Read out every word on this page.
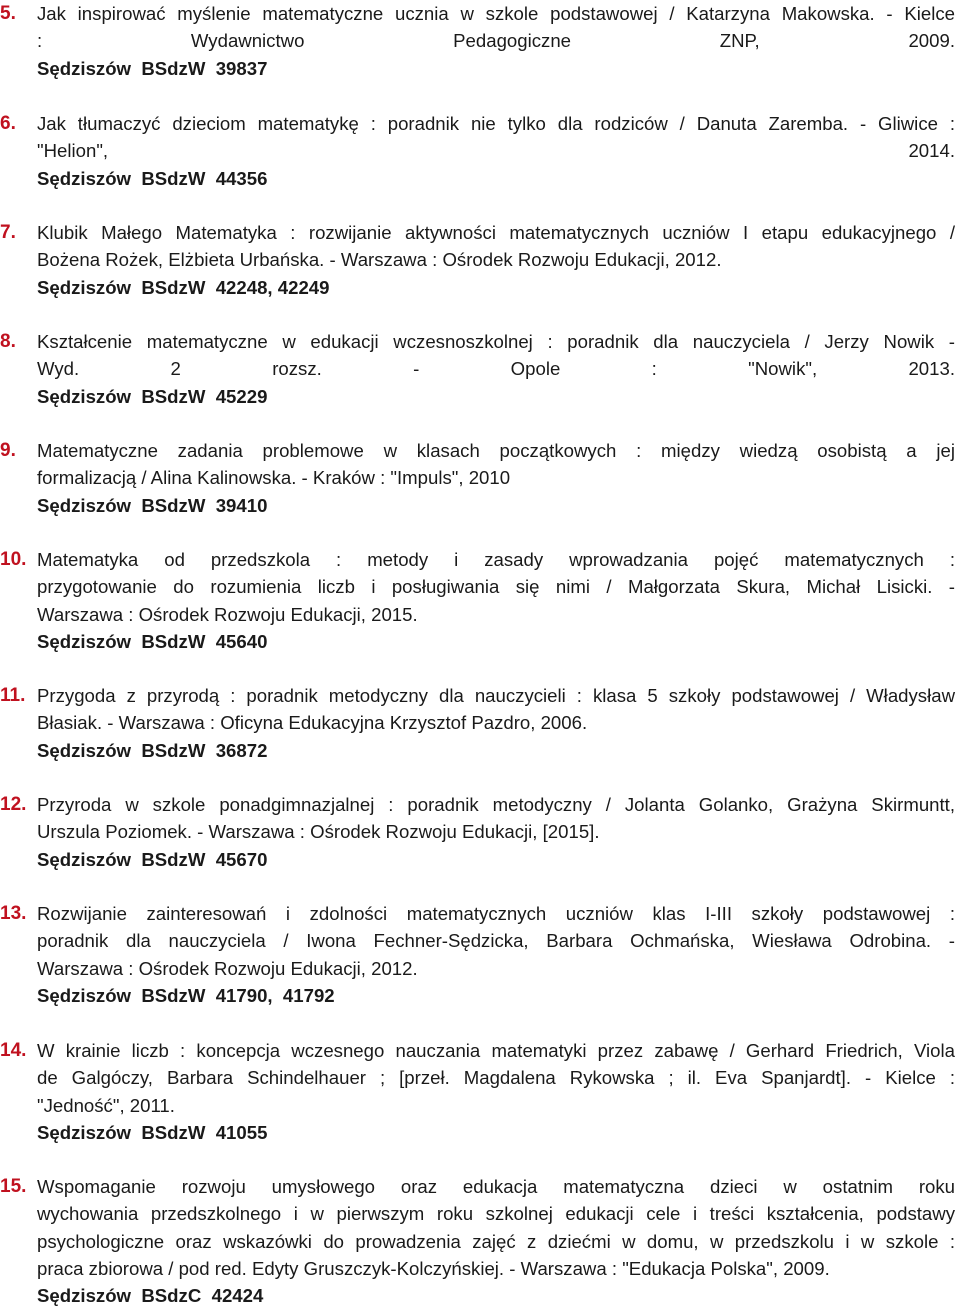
5. Jak inspirować myślenie matematyczne ucznia w szkole podstawowej / Katarzyna Makowska. - Kielce
: Wydawnictwo Pedagogiczne ZNP, 2009.
Sędziszów  BSdzW  39837
6. Jak tłumaczyć dzieciom matematykę : poradnik nie tylko dla rodziców / Danuta Zaremba. - Gliwice :
"Helion", 2014.
Sędziszów  BSdzW  44356
7. Klubik Małego Matematyka : rozwijanie aktywności matematycznych uczniów I etapu edukacyjnego /
Bożena Rożek, Elżbieta Urbańska. - Warszawa : Ośrodek Rozwoju Edukacji, 2012.
Sędziszów  BSdzW  42248, 42249
8. Kształcenie matematyczne w edukacji wczesnoszkolnej : poradnik dla nauczyciela / Jerzy Nowik -
Wyd. 2 rozsz. - Opole : "Nowik", 2013.
Sędziszów  BSdzW  45229
9. Matematyczne zadania problemowe w klasach początkowych : między wiedzą osobistą a jej
formalizacją / Alina Kalinowska. - Kraków : "Impuls", 2010
Sędziszów  BSdzW  39410
10. Matematyka od przedszkola : metody i zasady wprowadzania pojęć matematycznych :
przygotowanie do rozumienia liczb i posługiwania się nimi / Małgorzata Skura, Michał Lisicki. -
Warszawa : Ośrodek Rozwoju Edukacji, 2015.
Sędziszów  BSdzW  45640
11. Przygoda z przyrodą : poradnik metodyczny dla nauczycieli : klasa 5 szkoły podstawowej / Władysław
Błasiak. - Warszawa : Oficyna Edukacyjna Krzysztof Pazdro, 2006.
Sędziszów  BSdzW  36872
12. Przyroda w szkole ponadgimnazjalnej : poradnik metodyczny / Jolanta Golanko, Grażyna Skirmuntt,
Urszula Poziomek. - Warszawa : Ośrodek Rozwoju Edukacji, [2015].
Sędziszów  BSdzW  45670
13. Rozwijanie zainteresowań i zdolności matematycznych uczniów klas I-III szkoły podstawowej :
poradnik dla nauczyciela / Iwona Fechner-Sędzicka, Barbara Ochmańska, Wiesława Odrobina. -
Warszawa : Ośrodek Rozwoju Edukacji, 2012.
Sędziszów  BSdzW  41790,  41792
14. W krainie liczb : koncepcja wczesnego nauczania matematyki przez zabawę / Gerhard Friedrich, Viola
de Galgóczy, Barbara Schindelhauer ; [przeł. Magdalena Rykowska ; il. Eva Spanjardt]. - Kielce :
"Jedność", 2011.
Sędziszów  BSdzW  41055
15. Wspomaganie rozwoju umysłowego oraz edukacja matematyczna dzieci w ostatnim roku
wychowania przedszkolnego i w pierwszym roku szkolnej edukacji cele i treści kształcenia, podstawy
psychologiczne oraz wskazówki do prowadzenia zajęć z dziećmi w domu, w przedszkolu i w szkole :
praca zbiorowa / pod red. Edyty Gruszczyk-Kolczyńskiej. - Warszawa : "Edukacja Polska", 2009.
Sędziszów  BSdzC  42424
